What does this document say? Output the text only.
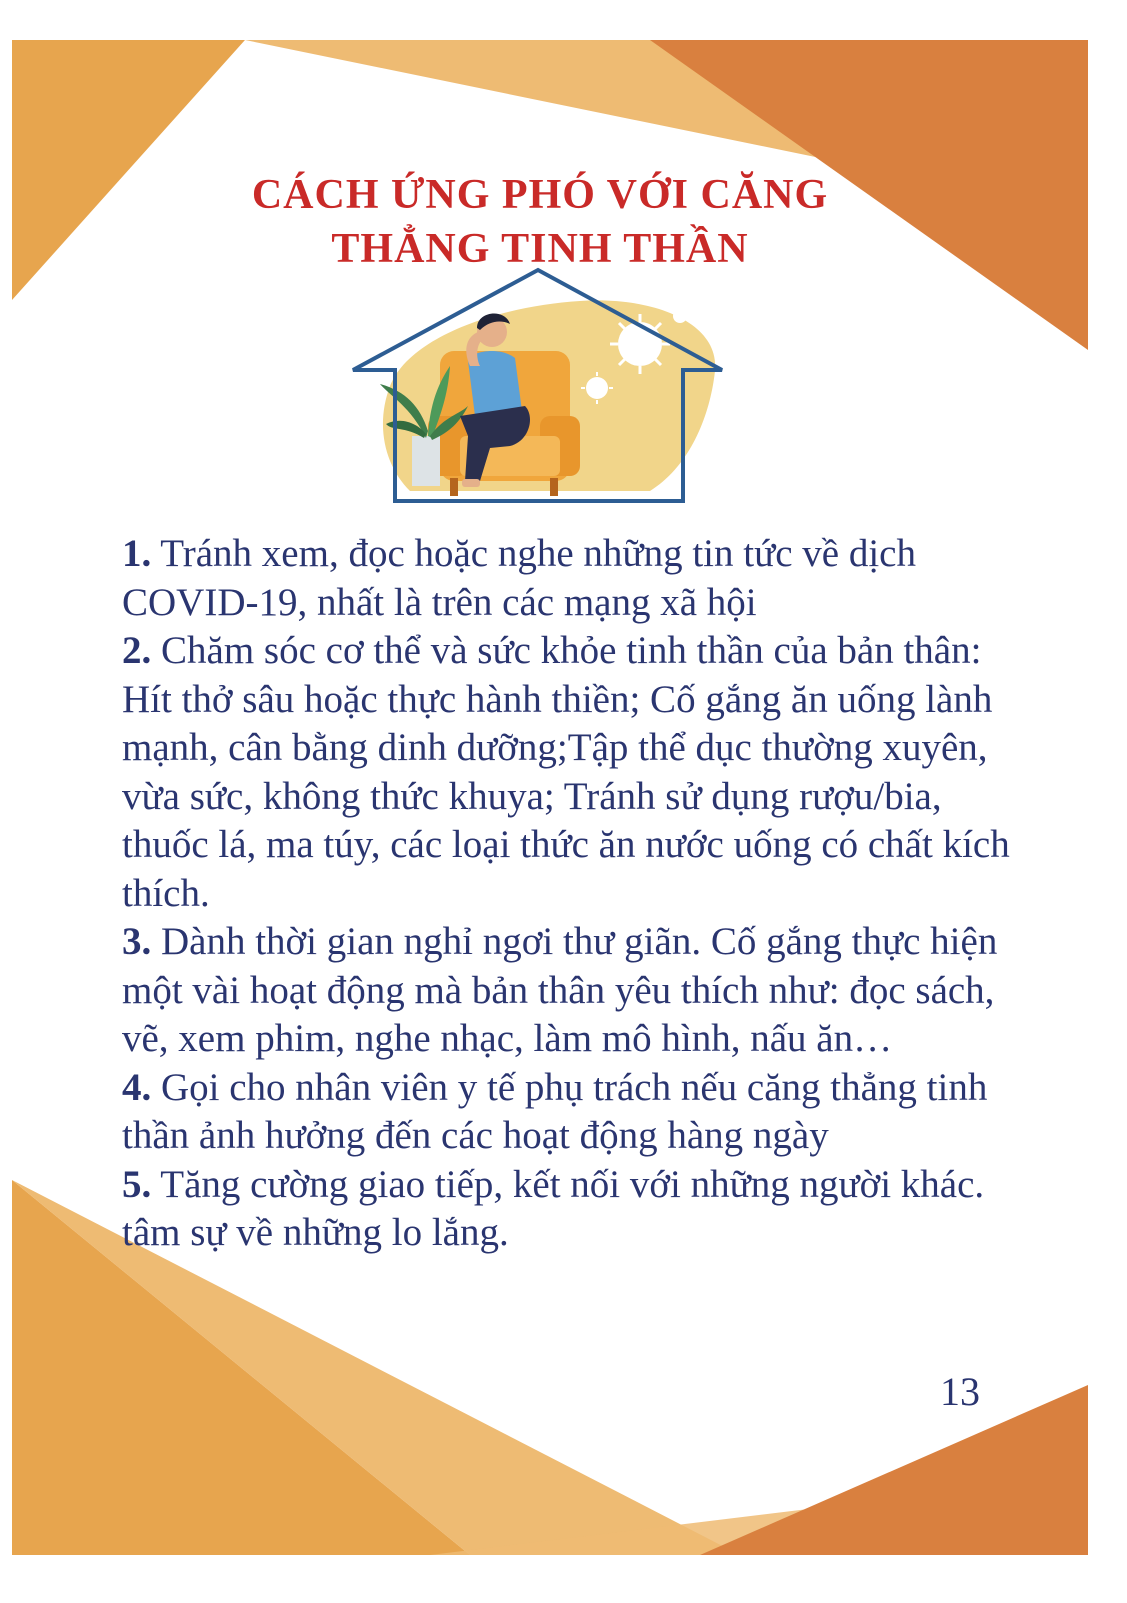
CÁCH ỨNG PHÓ VỚI CĂNG
THẲNG TINH THẦN

1. Tránh xem, đọc hoặc nghe những tin tức về dịch COVID-19, nhất là trên các mạng xã hội

2. Chăm sóc cơ thể và sức khỏe tinh thần của bản thân: Hít thở sâu hoặc thực hành thiền; Cố gắng ăn uống lành mạnh, cân bằng dinh dưỡng;Tập thể dục thường xuyên, vừa sức, không thức khuya; Tránh sử dụng rượu/bia, thuốc lá, ma túy, các loại thức ăn nước uống có chất kích thích.

3. Dành thời gian nghỉ ngơi thư giãn. Cố gắng thực hiện một vài hoạt động mà bản thân yêu thích như: đọc sách, vẽ, xem phim, nghe nhạc, làm mô hình, nấu ăn…

4. Gọi cho nhân viên y tế phụ trách nếu căng thẳng tinh thần ảnh hưởng đến các hoạt động hàng ngày

5. Tăng cường giao tiếp, kết nối với những người khác. tâm sự về những lo lắng.

13
